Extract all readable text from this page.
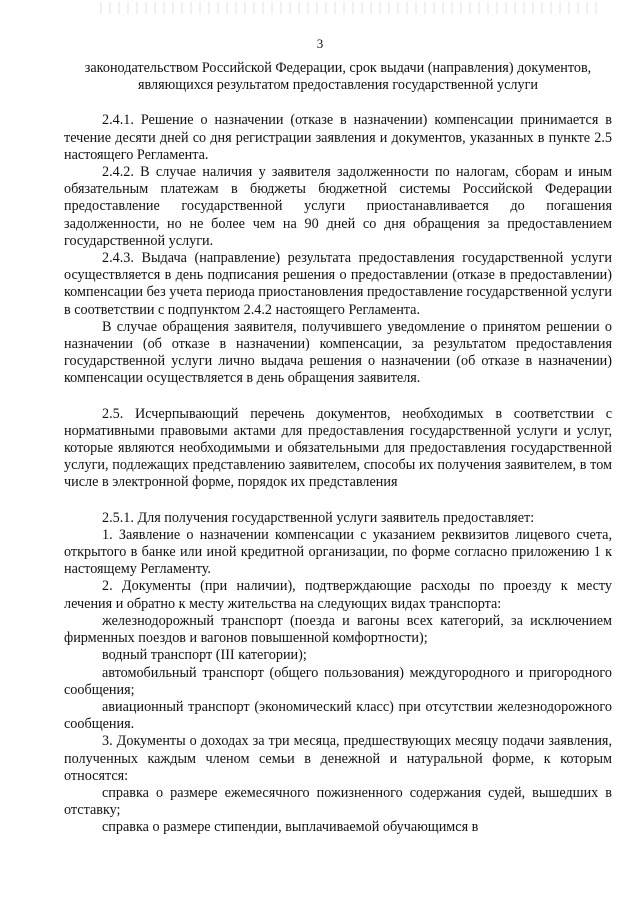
3

законодательством Российской Федерации, срок выдачи (направления) документов, являющихся результатом предоставления государственной услуги

2.4.1. Решение о назначении (отказе в назначении) компенсации принимается в течение десяти дней со дня регистрации заявления и документов, указанных в пункте 2.5 настоящего Регламента.

2.4.2. В случае наличия у заявителя задолженности по налогам, сборам и иным обязательным платежам в бюджеты бюджетной системы Российской Федерации предоставление государственной услуги приостанавливается до погашения задолженности, но не более чем на 90 дней со дня обращения за предоставлением государственной услуги.

2.4.3. Выдача (направление) результата предоставления государственной услуги осуществляется в день подписания решения о предоставлении (отказе в предоставлении) компенсации без учета периода приостановления предоставление государственной услуги в соответствии с подпунктом 2.4.2 настоящего Регламента.

В случае обращения заявителя, получившего уведомление о принятом решении о назначении (об отказе в назначении) компенсации, за результатом предоставления государственной услуги лично выдача решения о назначении (об отказе в назначении) компенсации осуществляется в день обращения заявителя.

2.5. Исчерпывающий перечень документов, необходимых в соответствии с нормативными правовыми актами для предоставления государственной услуги и услуг, которые являются необходимыми и обязательными для предоставления государственной услуги, подлежащих представлению заявителем, способы их получения заявителем, в том числе в электронной форме, порядок их представления

2.5.1. Для получения государственной услуги заявитель предоставляет:

1. Заявление о назначении компенсации с указанием реквизитов лицевого счета, открытого в банке или иной кредитной организации, по форме согласно приложению 1 к настоящему Регламенту.

2. Документы (при наличии), подтверждающие расходы по проезду к месту лечения и обратно к месту жительства на следующих видах транспорта:

железнодорожный транспорт (поезда и вагоны всех категорий, за исключением фирменных поездов и вагонов повышенной комфортности);

водный транспорт (III категории);

автомобильный транспорт (общего пользования) междугородного и пригородного сообщения;

авиационный транспорт (экономический класс) при отсутствии железнодорожного сообщения.

3. Документы о доходах за три месяца, предшествующих месяцу подачи заявления, полученных каждым членом семьи в денежной и натуральной форме, к которым относятся:

справка о размере ежемесячного пожизненного содержания судей, вышедших в отставку;

справка о размере стипендии, выплачиваемой обучающимся в
